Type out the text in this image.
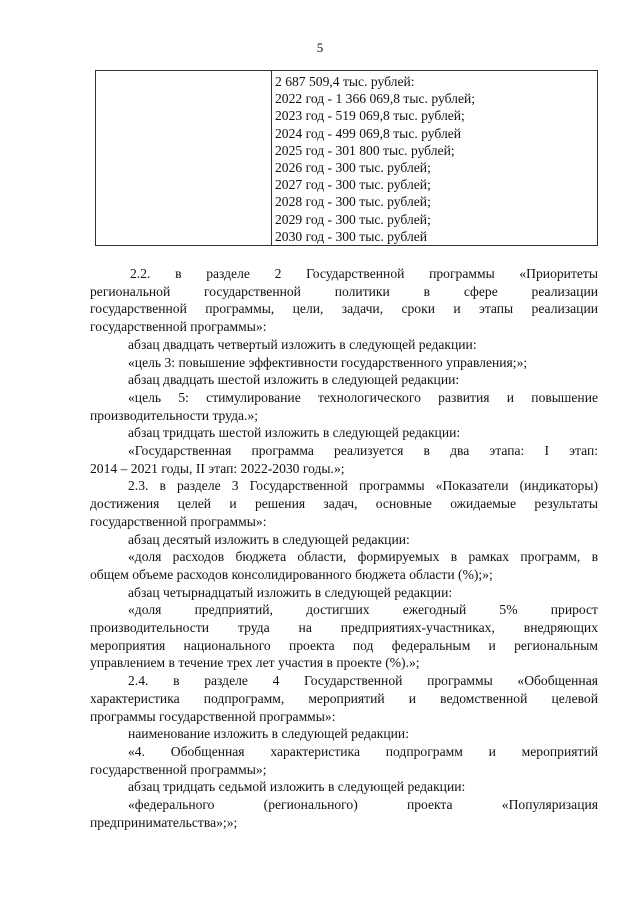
5
2 687 509,4 тыс. рублей:
2022 год - 1 366 069,8 тыс. рублей;
2023 год - 519 069,8 тыс. рублей;
2024 год - 499 069,8 тыс. рублей
2025 год - 301 800 тыс. рублей;
2026 год - 300 тыс. рублей;
2027 год - 300 тыс. рублей;
2028 год - 300 тыс. рублей;
2029 год - 300 тыс. рублей;
2030 год - 300 тыс. рублей

2.2. в разделе 2 Государственной программы «Приоритеты

региональной государственной политики в сфере реализации

государственной программы, цели, задачи, сроки и этапы реализации

государственной программы»:

абзац двадцать четвертый изложить в следующей редакции:

«цель 3: повышение эффективности государственного управления;»;

абзац двадцать шестой изложить в следующей редакции:

«цель 5: стимулирование технологического развития и повышение

производительности труда.»;

абзац тридцать шестой изложить в следующей редакции:

«Государственная программа реализуется в два этапа: I этап:

2014 – 2021 годы, II этап: 2022-2030 годы.»;

2.3. в разделе 3 Государственной программы «Показатели (индикаторы)

достижения целей и решения задач, основные ожидаемые результаты

государственной программы»:

абзац десятый изложить в следующей редакции:

«доля расходов бюджета области, формируемых в рамках программ, в

общем объеме расходов консолидированного бюджета области (%);»;

абзац четырнадцатый изложить в следующей редакции:

«доля предприятий, достигших ежегодный 5% прирост

производительности труда на предприятиях-участниках, внедряющих

мероприятия национального проекта под федеральным и региональным

управлением в течение трех лет участия в проекте (%).»;

2.4. в разделе 4 Государственной программы «Обобщенная

характеристика подпрограмм, мероприятий и ведомственной целевой

программы государственной программы»:

наименование изложить в следующей редакции:

«4. Обобщенная характеристика подпрограмм и мероприятий

государственной программы»;

абзац тридцать седьмой изложить в следующей редакции:

«федерального (регионального) проекта «Популяризация

предпринимательства»;»;
